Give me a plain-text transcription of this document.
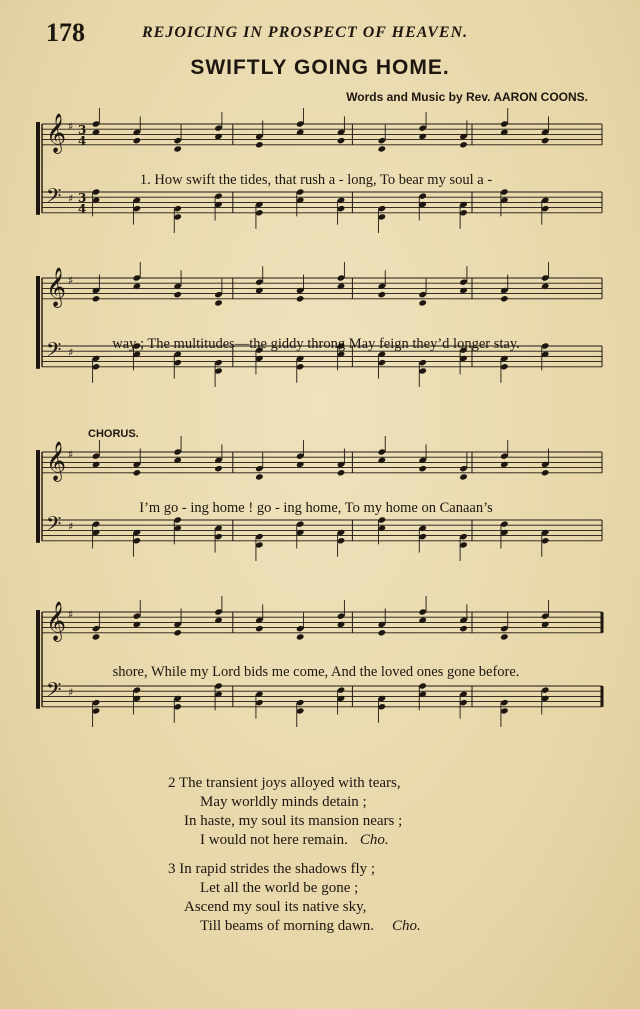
178	REJOICING IN PROSPECT OF HEAVEN.
SWIFTLY GOING HOME.
Words and Music by Rev. AARON COONS.
𝄞 ♯
𝄢 ♯
3
4
3
4
1. How swift the tides, that rush a - long, To bear my soul a -
𝄞 ♯
𝄢 ♯
way ; The multitudes—the giddy throng May feign they’d longer stay.
CHORUS.
𝄞 ♯
𝄢 ♯
I’m go - ing home ! go - ing home, To my home on Canaan’s
𝄞 ♯
𝄢 ♯
shore, While my Lord bids me come, And the loved ones gone before.
2 The transient joys alloyed with tears,
May worldly minds detain ;
In haste, my soul its mansion nears ;
I would not here remain. Cho.
3 In rapid strides the shadows fly ;
Let all the world be gone ;
Ascend my soul its native sky,
Till beams of morning dawn. Cho.
